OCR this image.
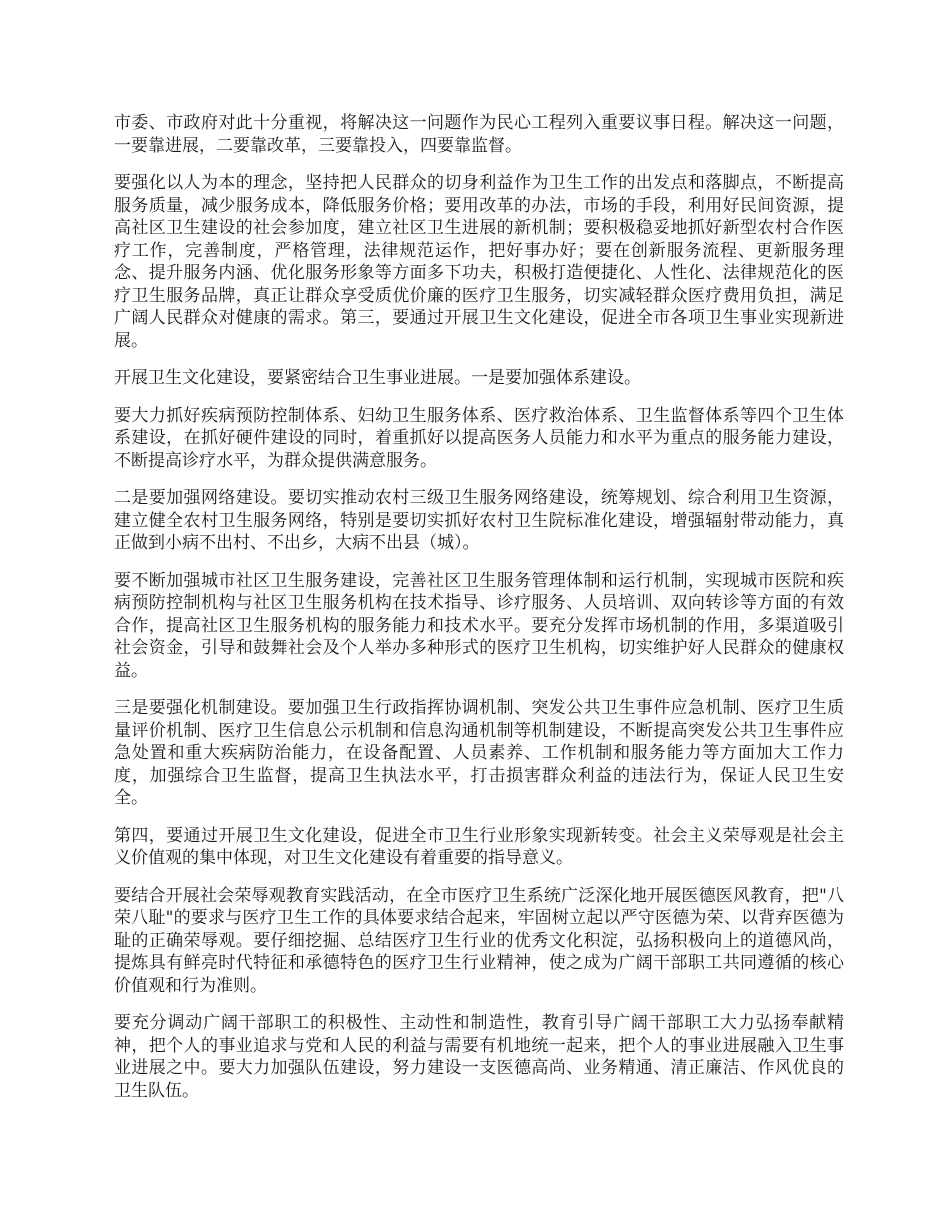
市委、市政府对此十分重视，将解决这一问题作为民心工程列入重要议事日程。解决这一问题，一要靠进展，二要靠改革，三要靠投入，四要靠监督。

要强化以人为本的理念，坚持把人民群众的切身利益作为卫生工作的出发点和落脚点，不断提高服务质量，减少服务成本，降低服务价格；要用改革的办法，市场的手段，利用好民间资源，提高社区卫生建设的社会参加度，建立社区卫生进展的新机制；要积极稳妥地抓好新型农村合作医疗工作，完善制度，严格管理，法律规范运作，把好事办好；要在创新服务流程、更新服务理念、提升服务内涵、优化服务形象等方面多下功夫，积极打造便捷化、人性化、法律规范化的医疗卫生服务品牌，真正让群众享受质优价廉的医疗卫生服务，切实减轻群众医疗费用负担，满足广阔人民群众对健康的需求。第三，要通过开展卫生文化建设，促进全市各项卫生事业实现新进展。

开展卫生文化建设，要紧密结合卫生事业进展。一是要加强体系建设。

要大力抓好疾病预防控制体系、妇幼卫生服务体系、医疗救治体系、卫生监督体系等四个卫生体系建设，在抓好硬件建设的同时，着重抓好以提高医务人员能力和水平为重点的服务能力建设，不断提高诊疗水平，为群众提供满意服务。

二是要加强网络建设。要切实推动农村三级卫生服务网络建设，统筹规划、综合利用卫生资源，建立健全农村卫生服务网络，特别是要切实抓好农村卫生院标准化建设，增强辐射带动能力，真正做到小病不出村、不出乡，大病不出县（城）。

要不断加强城市社区卫生服务建设，完善社区卫生服务管理体制和运行机制，实现城市医院和疾病预防控制机构与社区卫生服务机构在技术指导、诊疗服务、人员培训、双向转诊等方面的有效合作，提高社区卫生服务机构的服务能力和技术水平。要充分发挥市场机制的作用，多渠道吸引社会资金，引导和鼓舞社会及个人举办多种形式的医疗卫生机构，切实维护好人民群众的健康权益。

三是要强化机制建设。要加强卫生行政指挥协调机制、突发公共卫生事件应急机制、医疗卫生质量评价机制、医疗卫生信息公示机制和信息沟通机制等机制建设，不断提高突发公共卫生事件应急处置和重大疾病防治能力，在设备配置、人员素养、工作机制和服务能力等方面加大工作力度，加强综合卫生监督，提高卫生执法水平，打击损害群众利益的违法行为，保证人民卫生安全。

第四，要通过开展卫生文化建设，促进全市卫生行业形象实现新转变。社会主义荣辱观是社会主义价值观的集中体现，对卫生文化建设有着重要的指导意义。

要结合开展社会荣辱观教育实践活动，在全市医疗卫生系统广泛深化地开展医德医风教育，把"八荣八耻"的要求与医疗卫生工作的具体要求结合起来，牢固树立起以严守医德为荣、以背弃医德为耻的正确荣辱观。要仔细挖掘、总结医疗卫生行业的优秀文化积淀，弘扬积极向上的道德风尚，提炼具有鲜亮时代特征和承德特色的医疗卫生行业精神，使之成为广阔干部职工共同遵循的核心价值观和行为准则。

要充分调动广阔干部职工的积极性、主动性和制造性，教育引导广阔干部职工大力弘扬奉献精神，把个人的事业追求与党和人民的利益与需要有机地统一起来，把个人的事业进展融入卫生事业进展之中。要大力加强队伍建设，努力建设一支医德高尚、业务精通、清正廉洁、作风优良的卫生队伍。
